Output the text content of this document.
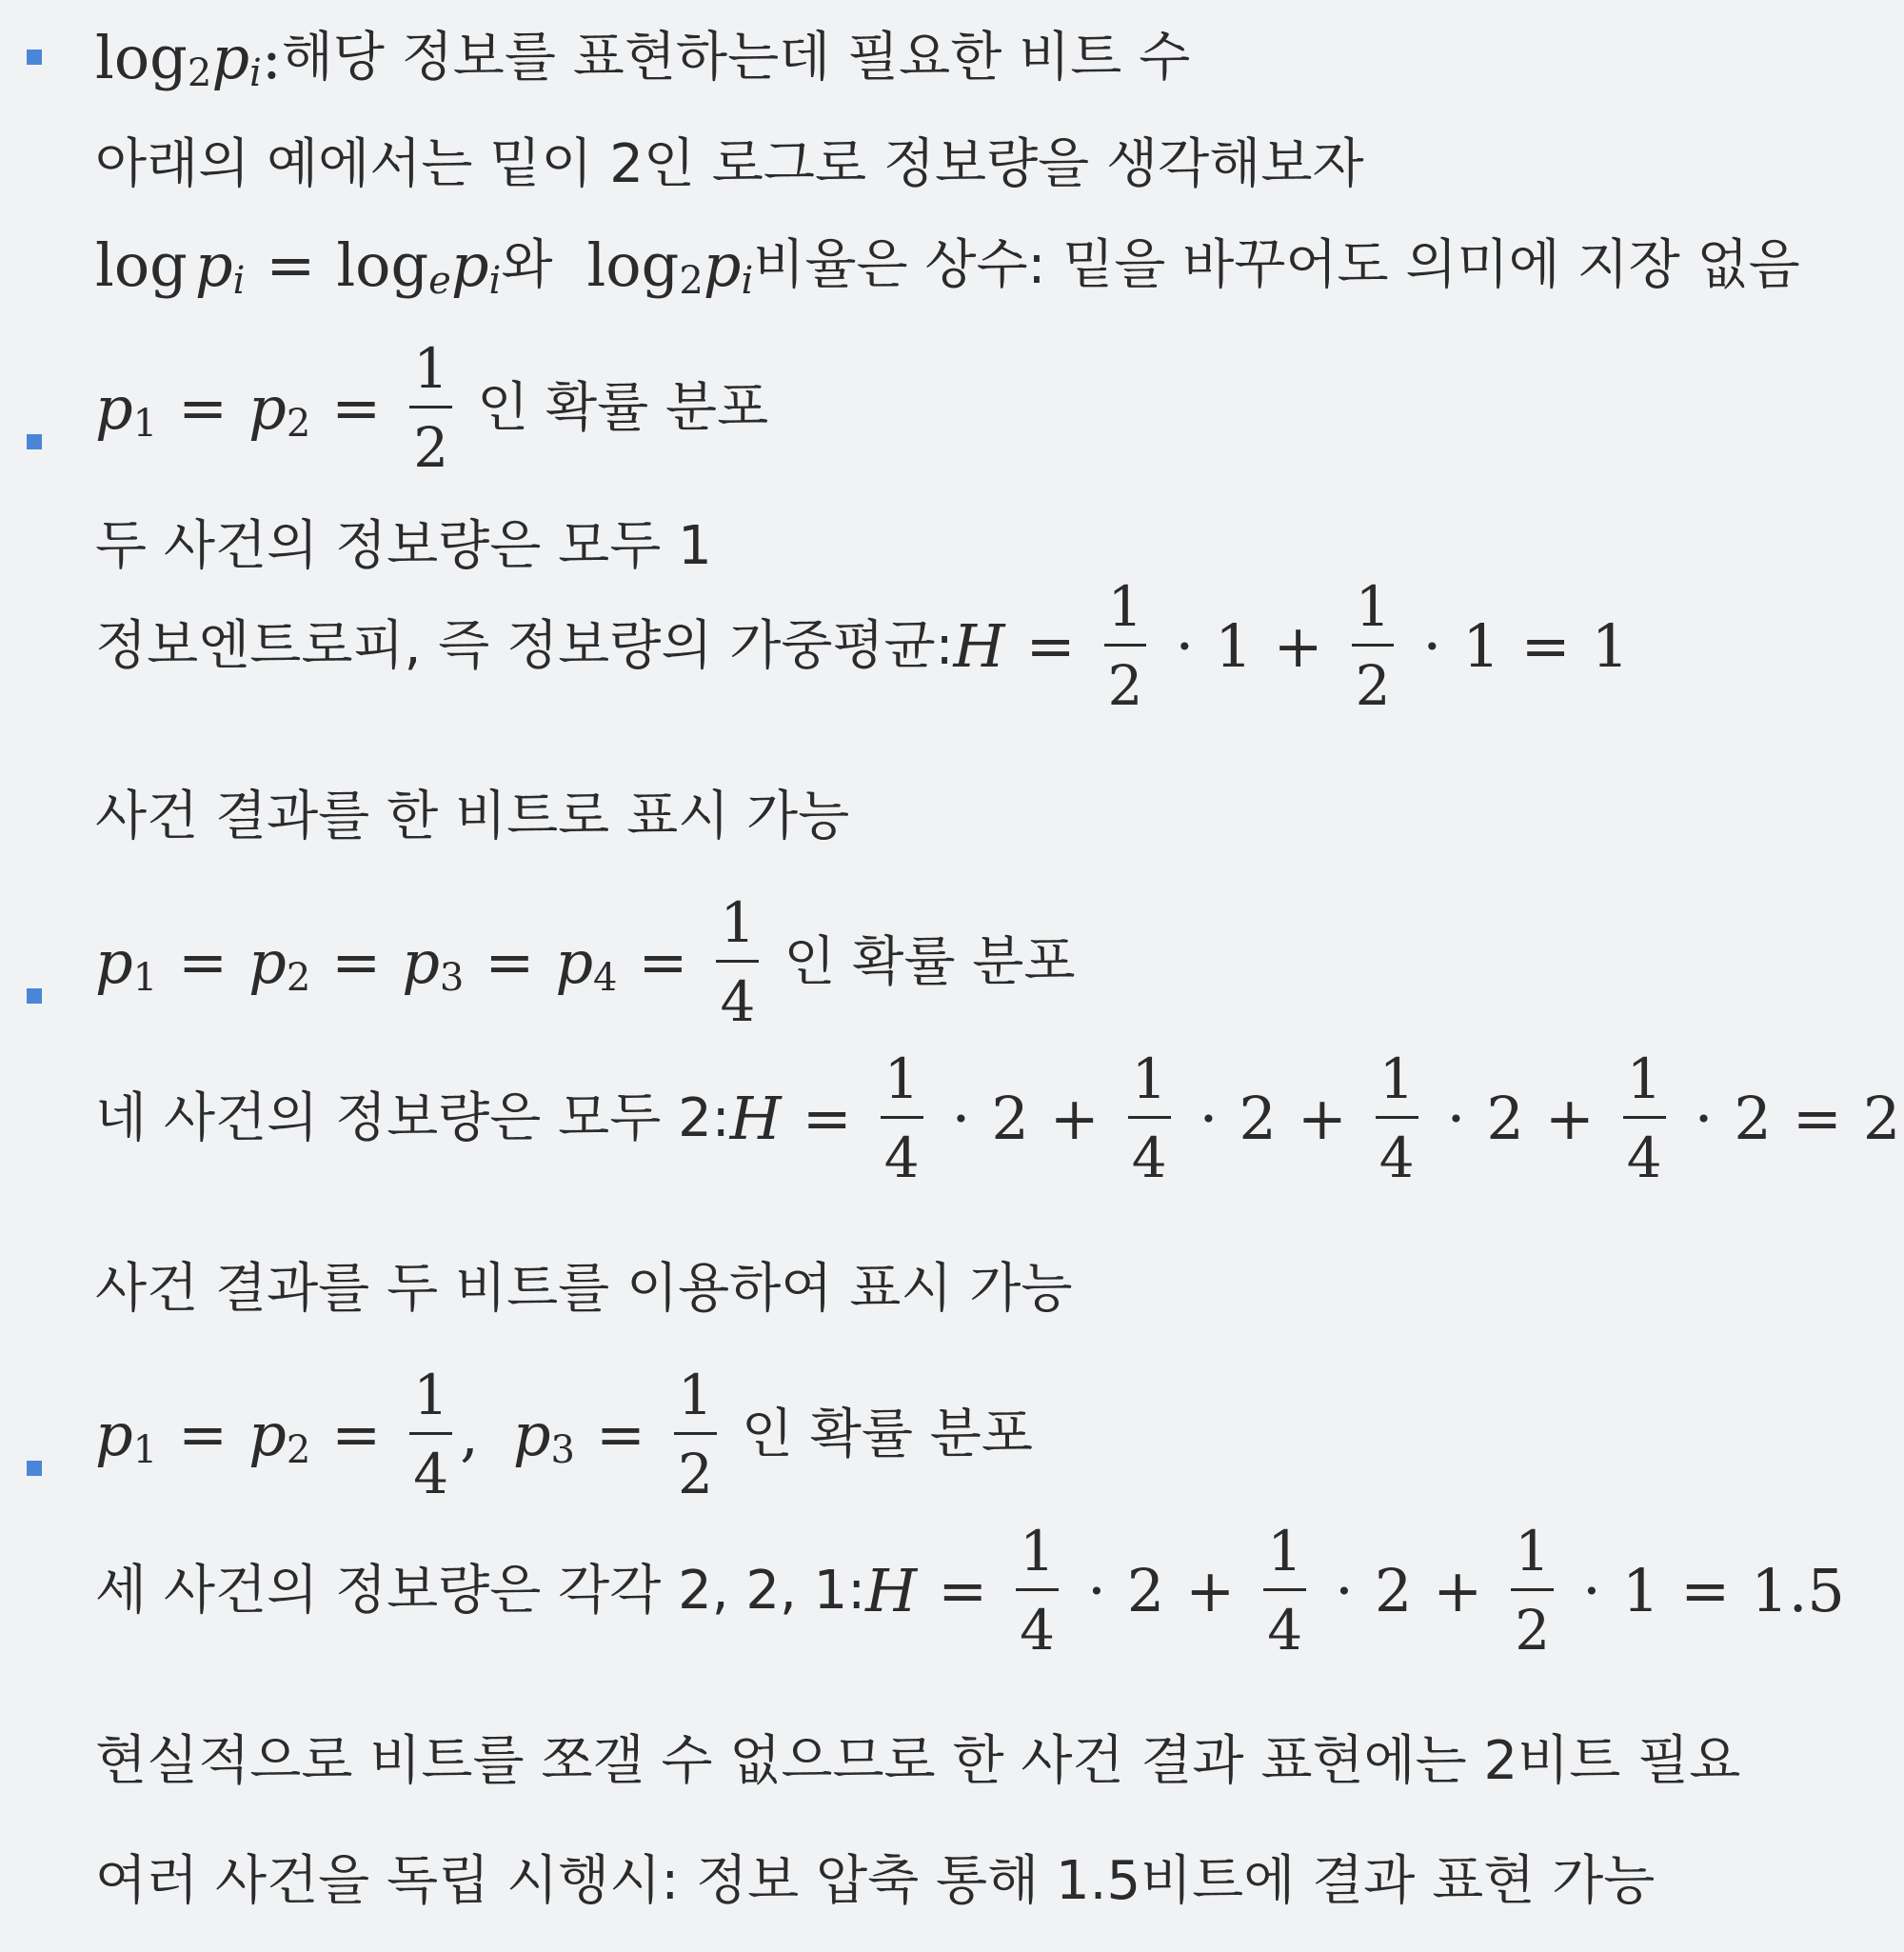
log 2 p i : 해당 정보를 표현하는데 필요한 비트 수
아래의 예에서는 밑이 2인 로그로 정보량을 생각해보자
log p i = log e p i 와 log 2 p i 비율은 상수: 밑을 바꾸어도 의미에 지장 없음
p 1 = p $2 = \frac{1}{2}$ 인 확률 분포
두 사건의 정보량은 모두 1
정보엔트로피, 즉 정보량의 가중평균: $H = \frac{1}{2} \cdot 1 + \frac{1}{2} \cdot 1 = 1$
사건 결과를 한 비트로 표시 가능
p 1 = p 2 = p 3 = p $4 = \frac{1}{4}$ 인 확률 분포
네 사건의 정보량은 모두 2: $H = \frac{1}{4} \cdot 2 + \frac{1}{4} \cdot 2 + \frac{1}{4} \cdot 2 + \frac{1}{4} \cdot 2 = 2$
사건 결과를 두 비트를 이용하여 표시 가능
p 1 = p $2 = \frac{1}{4}$ , p $3 = \frac{1}{2}$ 인 확률 분포
세 사건의 정보량은 각각 2, 2, 1: $H = \frac{1}{4} \cdot 2 + \frac{1}{4} \cdot 2 + \frac{1}{2} \cdot 1 = 1.5$
현실적으로 비트를 쪼갤 수 없으므로 한 사건 결과 표현에는 2비트 필요
여러 사건을 독립 시행시: 정보 압축 통해 1.5비트에 결과 표현 가능
